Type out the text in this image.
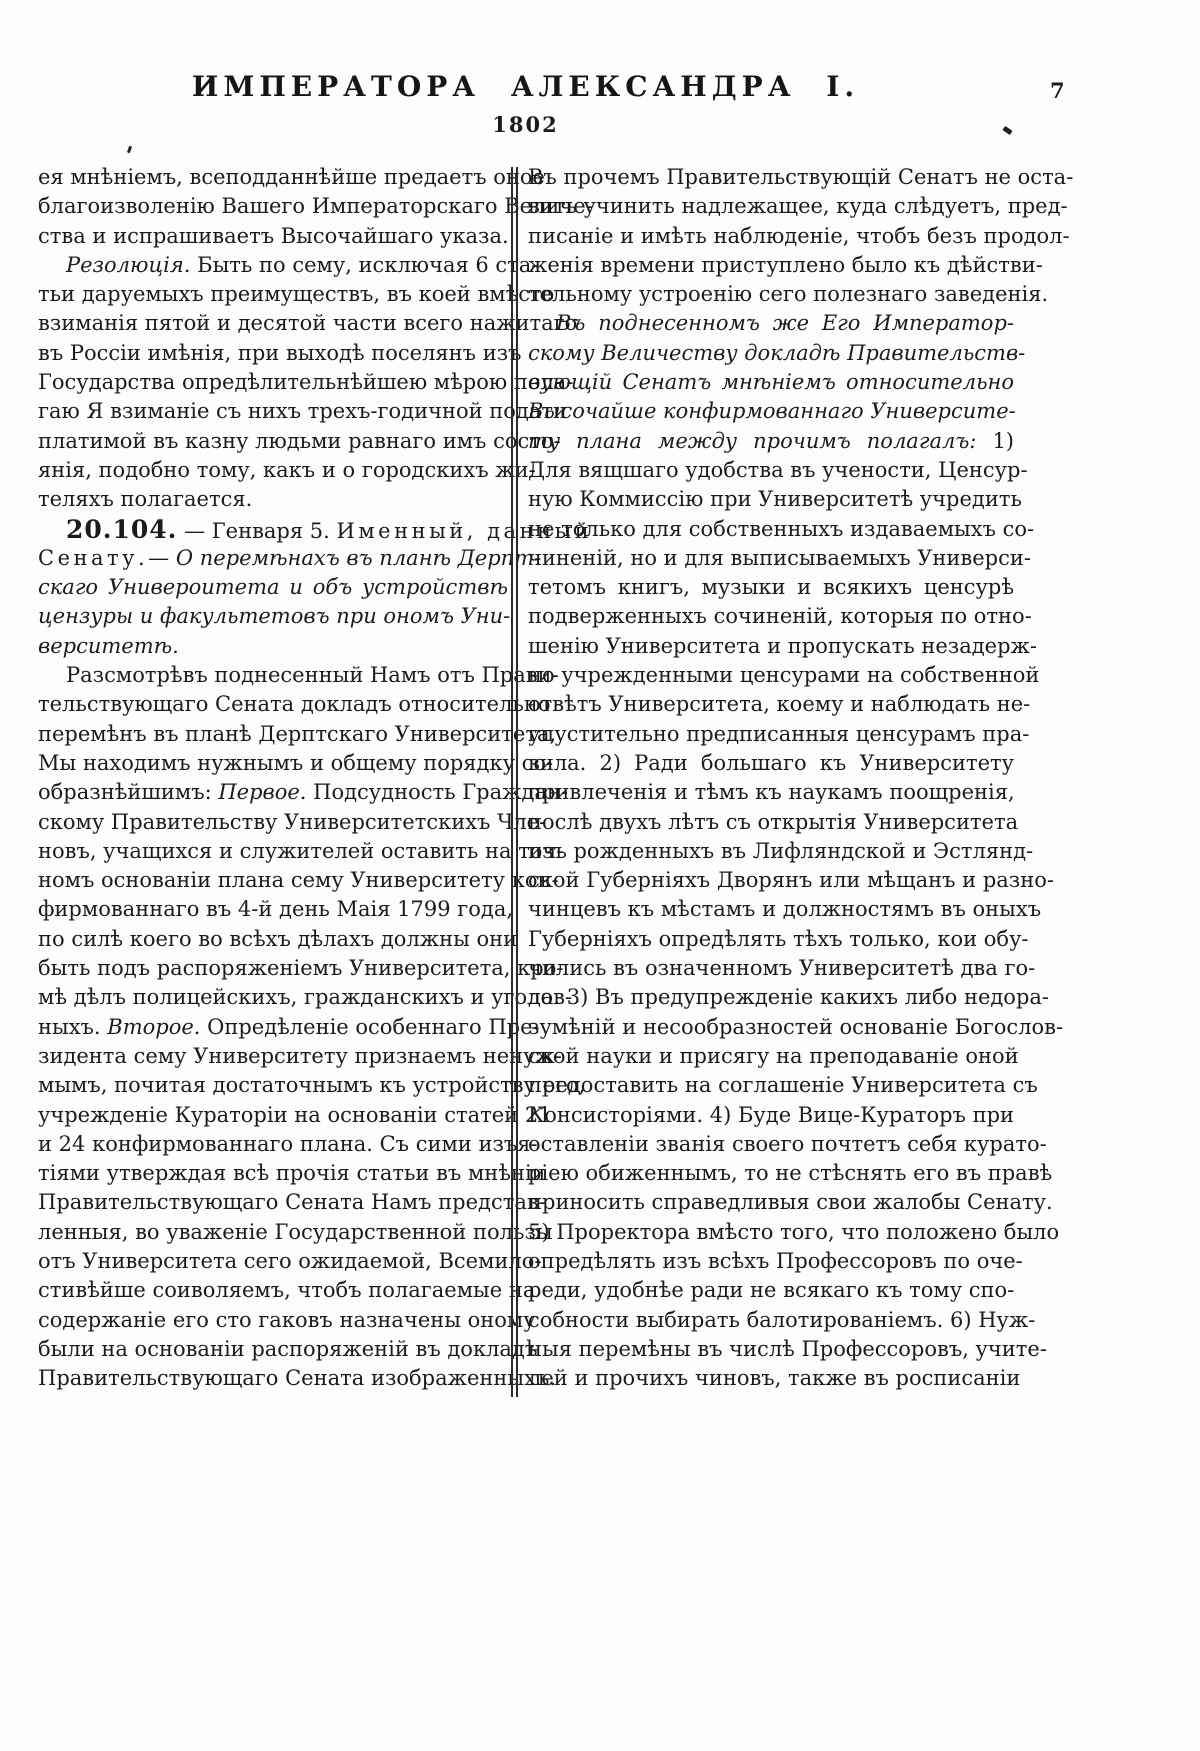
ИМПЕРАТОРА АЛЕКСАНДРА I.
1802
7
ея мнѣніемъ, всеподданнѣйше предаетъ оное
благоизволенію Вашего Императорскаго Величе-
ства и испрашиваетъ Высочайшаго указа.
Резолюція. Быть по сему, исключая 6 ста-
тьи даруемыхъ преимуществъ, въ коей вмѣсто
взиманія пятой и десятой части всего нажитаго
въ Россіи имѣнія, при выходѣ поселянъ изъ
Государства опредѣлительнѣйшею мѣрою пола-
гаю Я взиманіе съ нихъ трехъ-годичной подати
платимой въ казну людьми равнаго имъ состо-
янія, подобно тому, какъ и о городскихъ жи-
теляхъ полагается.
20.104. — Генваря 5. Именный, данный
Сенату.— О перемѣнахъ въ планѣ Дерпт-
скаго Универоитета и объ устройствѣ
цензуры и факультетовъ при ономъ Уни-
верситетѣ.
Разсмотрѣвъ поднесенный Намъ отъ Прави-
тельствующаго Сената докладъ относительно
перемѣнъ въ планѣ Дерптскаго Университета,
Мы находимъ нужнымъ и общему порядку со-
образнѣйшимъ: Первое. Подсудность Граждан-
скому Правительству Университетскихъ Чле-
новъ, учащихся и служителей оставить на точ-
номъ основаніи плана сему Университету кон-
фирмованнаго въ 4-й день Маія 1799 года,
по силѣ коего во всѣхъ дѣлахъ должны они
быть подъ распоряженіемъ Университета, кро-
мѣ дѣлъ полицейскихъ, гражданскихъ и уголов-
ныхъ. Второе. Опредѣленіе особеннаго Пре-
зидента сему Университету признаемъ ненуж-
мымъ, почитая достаточнымъ къ устройству его,
учрежденіе Кураторіи на основаніи статей 21
и 24 конфирмованнаго плана. Съ сими изъя-
тіями утверждая всѣ прочія статьи въ мнѣніи
Правительствующаго Сената Намъ представ-
ленныя, во уваженіе Государственной пользы
отъ Университета сего ожидаемой, Всемило-
стивѣйше соиволяемъ, чтобъ полагаемые на
содержаніе его сто гаковъ назначены оному
были на основаніи распоряженій въ докладѣ
Правительствующаго Сената изображенныхъ.
Въ прочемъ Правительствующій Сенатъ не оста-
вить учинить надлежащее, куда слѣдуетъ, пред-
писаніе и имѣть наблюденіе, чтобъ безъ продол-
женія времени приступлено было къ дѣйстви-
тельному устроенію сего полезнаго заведенія.
Въ поднесенномъ же Его Император-
скому Величеству докладѣ Правительств-
вующій Сенатъ мнѣніемъ относительно
Высочайше конфирмованнаго Университе-
ту плана между прочимъ полагалъ: 1)
Для вящшаго удобства въ учености, Ценсур-
ную Коммиссію при Университетѣ учредить
не только для собственныхъ издаваемыхъ со-
чиненій, но и для выписываемыхъ Универси-
тетомъ книгъ, музыки и всякихъ ценсурѣ
подверженныхъ сочиненій, которыя по отно-
шенію Университета и пропускать незадерж-
но учрежденными ценсурами на собственной
отвѣтъ Университета, коему и наблюдать не-
упустительно предписанныя ценсурамъ пра-
вила. 2) Ради большаго къ Университету
привлеченія и тѣмъ къ наукамъ поощренія,
послѣ двухъ лѣтъ съ открытія Университета
изъ рожденныхъ въ Лифляндской и Эстлянд-
ской Губерніяхъ Дворянъ или мѣщанъ и разно-
чинцевъ къ мѣстамъ и должностямъ въ оныхъ
Губерніяхъ опредѣлять тѣхъ только, кои обу-
чились въ означенномъ Университетѣ два го-
да. 3) Въ предупрежденіе какихъ либо недора-
зумѣній и несообразностей основаніе Богослов-
ской науки и присягу на преподаваніе оной
предоставить на соглашеніе Университета съ
Консисторіями. 4) Буде Вице-Кураторъ при
оставленіи званія своего почтетъ себя курато-
ріею обиженнымъ, то не стѣснять его въ правѣ
приносить справедливыя свои жалобы Сенату.
5) Проректора вмѣсто того, что положено было
опредѣлять изъ всѣхъ Профессоровъ по оче-
реди, удобнѣе ради не всякаго къ тому спо-
собности выбирать балотированіемъ. 6) Нуж-
ныя перемѣны въ числѣ Профессоровъ, учите-
лей и прочихъ чиновъ, также въ росписаніи
